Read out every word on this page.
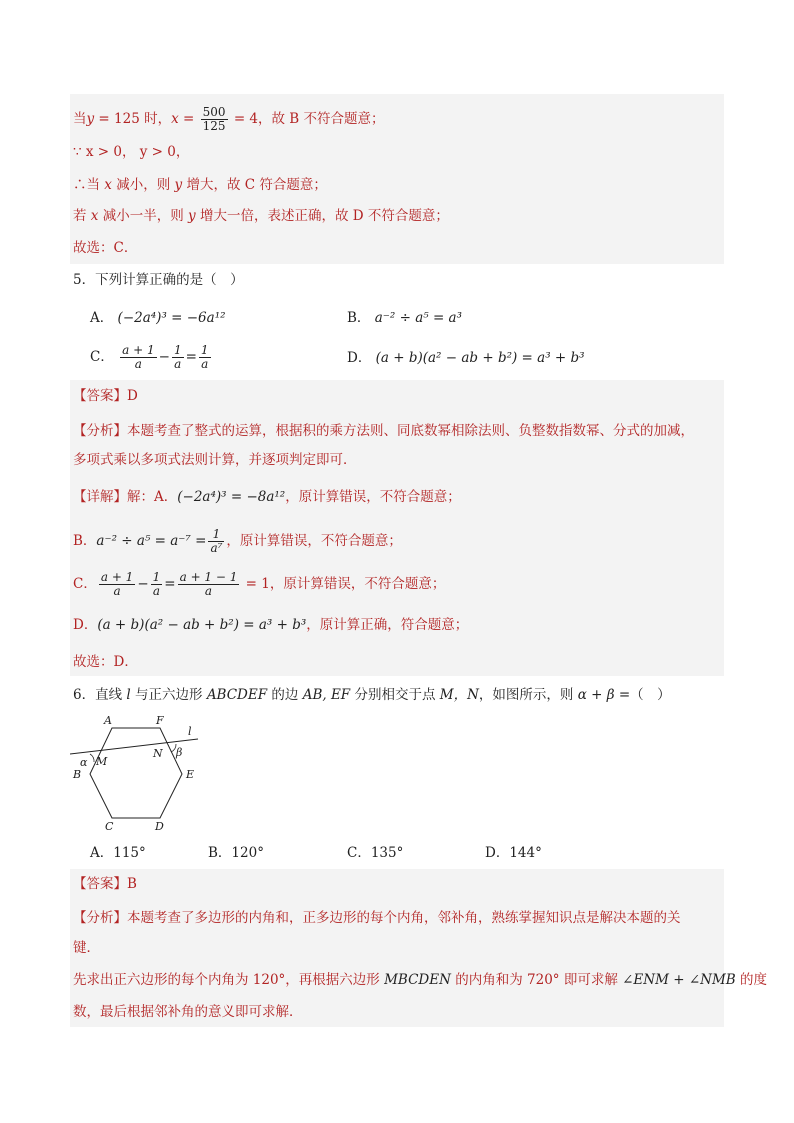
当y = 125 时，$x = \frac{500}{125} = 4$，故 B 不符合题意；
∵ x > 0， y > 0，
∴当 x 减小，则 y 增大，故 C 符合题意；
若 x 减小一半，则 y 增大一倍，表述正确，故 D 不符合题意；
故选：C．
5．下列计算正确的是（　）
A． (−2a⁴)³ = −6a¹²	B． a⁻² ÷ a⁵ = a³
C． $\frac{a + 1}{a} - \frac{1}{a} = \frac{1}{a}$	D． (a + b)(a² − ab + b²) = a³ + b³
【答案】D
【分析】本题考查了整式的运算，根据积的乘方法则、同底数幂相除法则、负整数指数幂、分式的加减，
多项式乘以多项式法则计算，并逐项判定即可．
【详解】解：A．(−2a⁴)³ = −8a¹²，原计算错误，不符合题意；
B．$a^{-2} \div a^5 = a^{-7} = \frac{1}{\text{a⁷}}$ ，原计算错误，不符合题意；
C． $\frac{a + 1}{a} - \frac{1}{a} = \frac{a + 1 - 1}{a} = 1$，原计算错误，不符合题意；
D．(a + b)(a² − ab + b²) = a³ + b³，原计算正确，符合题意；
故选：D．
6．直线 l 与正六边形 ABCDEF 的边 AB, EF 分别相交于点 M，N，如图所示，则 α + β =（　）
A	F
l
M
N
α
β
B	E
C	D
A．115°	B．120°	C．135°	D．144°
【答案】B
【分析】本题考查了多边形的内角和，正多边形的每个内角，邻补角，熟练掌握知识点是解决本题的关
键．
先求出正六边形的每个内角为 120°，再根据六边形 MBCDEN 的内角和为 720° 即可求解 ∠ENM + ∠NMB 的度
数，最后根据邻补角的意义即可求解．
